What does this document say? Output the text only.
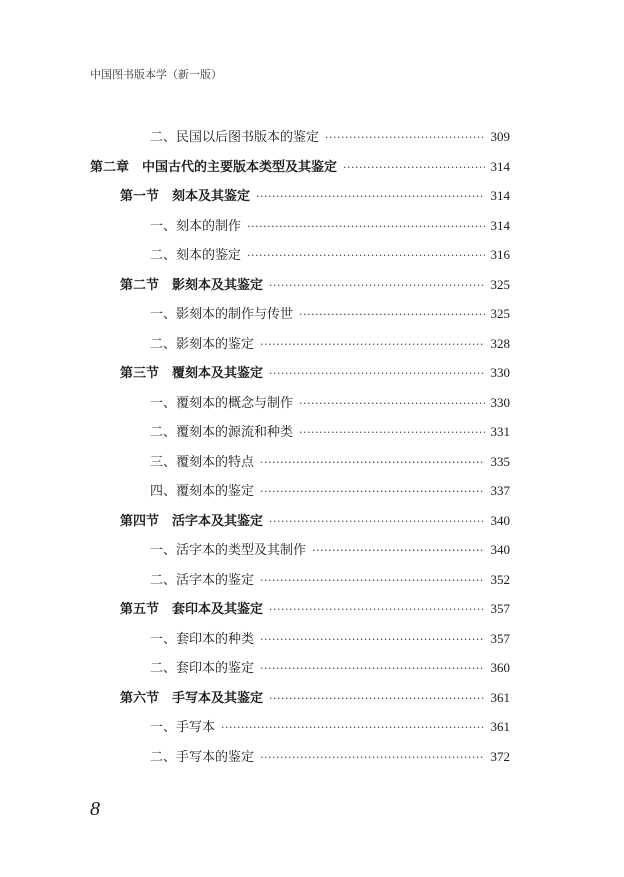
中国图书版本学（新一版）
二、民国以后图书版本的鉴定 ·····	309
第二章　中国古代的主要版本类型及其鉴定 ·····	314
第一节　刻本及其鉴定 ·····	314
一、刻本的制作 ·····	314
二、刻本的鉴定 ·····	316
第二节　影刻本及其鉴定 ·····	325
一、影刻本的制作与传世 ·····	325
二、影刻本的鉴定 ·····	328
第三节　覆刻本及其鉴定 ·····	330
一、覆刻本的概念与制作 ·····	330
二、覆刻本的源流和种类 ·····	331
三、覆刻本的特点 ·····	335
四、覆刻本的鉴定 ·····	337
第四节　活字本及其鉴定 ·····	340
一、活字本的类型及其制作 ·····	340
二、活字本的鉴定 ·····	352
第五节　套印本及其鉴定 ·····	357
一、套印本的种类 ·····	357
二、套印本的鉴定 ·····	360
第六节　手写本及其鉴定 ·····	361
一、手写本 ·····	361
二、手写本的鉴定 ·····	372
8
